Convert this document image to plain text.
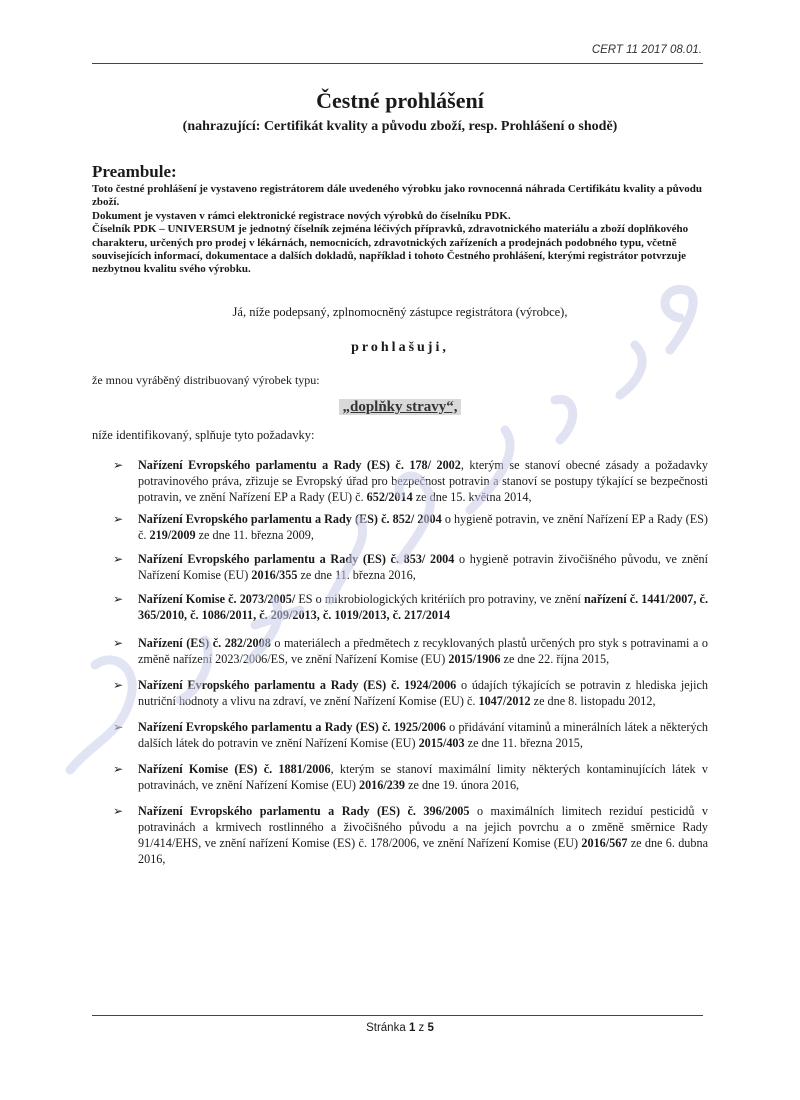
CERT 11 2017 08.01.
Čestné prohlášení
(nahrazující: Certifikát kvality a původu zboží, resp. Prohlášení o shodě)
Preambule:

Toto čestné prohlášení je vystaveno registrátorem dále uvedeného výrobku jako rovnocenná náhrada Certifikátu kvality a původu zboží.

Dokument je vystaven v rámci elektronické registrace nových výrobků do číselníku PDK.

Číselník PDK – UNIVERSUM je jednotný číselník zejména léčivých přípravků, zdravotnického materiálu a zboží doplňkového charakteru, určených pro prodej v lékárnách, nemocnicích, zdravotnických zařízeních a prodejnách podobného typu, včetně souvisejících informací, dokumentace a dalších dokladů, například i tohoto Čestného prohlášení, kterými registrátor potvrzuje nezbytnou kvalitu svého výrobku.

Já, níže podepsaný, zplnomocněný zástupce registrátora (výrobce),
prohlašuji,
že mnou vyráběný distribuovaný výrobek typu:
„doplňky stravy“,
níže identifikovaný, splňuje tyto požadavky:
➢ Nařízení Evropského parlamentu a Rady (ES) č. 178/ 2002, kterým se stanoví obecné zásady a požadavky potravinového práva, zřizuje se Evropský úřad pro bezpečnost potravin a stanoví se postupy týkající se bezpečnosti potravin, ve znění Nařízení EP a Rady (EU) č. 652/2014 ze dne 15. května 2014,
➢ Nařízení Evropského parlamentu a Rady (ES) č. 852/ 2004 o hygieně potravin, ve znění Nařízení EP a Rady (ES) č. 219/2009 ze dne 11. března 2009,
➢ Nařízení Evropského parlamentu a Rady (ES) č. 853/ 2004 o hygieně potravin živočišného původu, ve znění Nařízení Komise (EU) 2016/355 ze dne 11. března 2016,
➢ Nařízení Komise č. 2073/2005/ ES o mikrobiologických kritériích pro potraviny, ve znění nařízení č. 1441/2007, č. 365/2010, č. 1086/2011, č. 209/2013, č. 1019/2013, č. 217/2014
➢ Nařízení (ES) č. 282/2008 o materiálech a předmětech z recyklovaných plastů určených pro styk s potravinami a o změně nařízení 2023/2006/ES, ve znění Nařízení Komise (EU) 2015/1906 ze dne 22. října 2015,
➢ Nařízení Evropského parlamentu a Rady (ES) č. 1924/2006 o údajích týkajících se potravin z hlediska jejich nutriční hodnoty a vlivu na zdraví, ve znění Nařízení Komise (EU) č. 1047/2012 ze dne 8. listopadu 2012,
➢ Nařízení Evropského parlamentu a Rady (ES) č. 1925/2006 o přidávání vitaminů a minerálních látek a některých dalších látek do potravin ve znění Nařízení Komise (EU) 2015/403 ze dne 11. března 2015,
➢ Nařízení Komise (ES) č. 1881/2006, kterým se stanoví maximální limity některých kontaminujících látek v potravinách, ve znění Nařízení Komise (EU) 2016/239 ze dne 19. února 2016,
➢ Nařízení Evropského parlamentu a Rady (ES) č. 396/2005 o maximálních limitech reziduí pesticidů v potravinách a krmivech rostlinného a živočišného původu a na jejich povrchu a o změně směrnice Rady 91/414/EHS, ve znění nařízení Komise (ES) č. 178/2006, ve znění Nařízení Komise (EU) 2016/567 ze dne 6. dubna 2016,
Stránka 1 z 5
